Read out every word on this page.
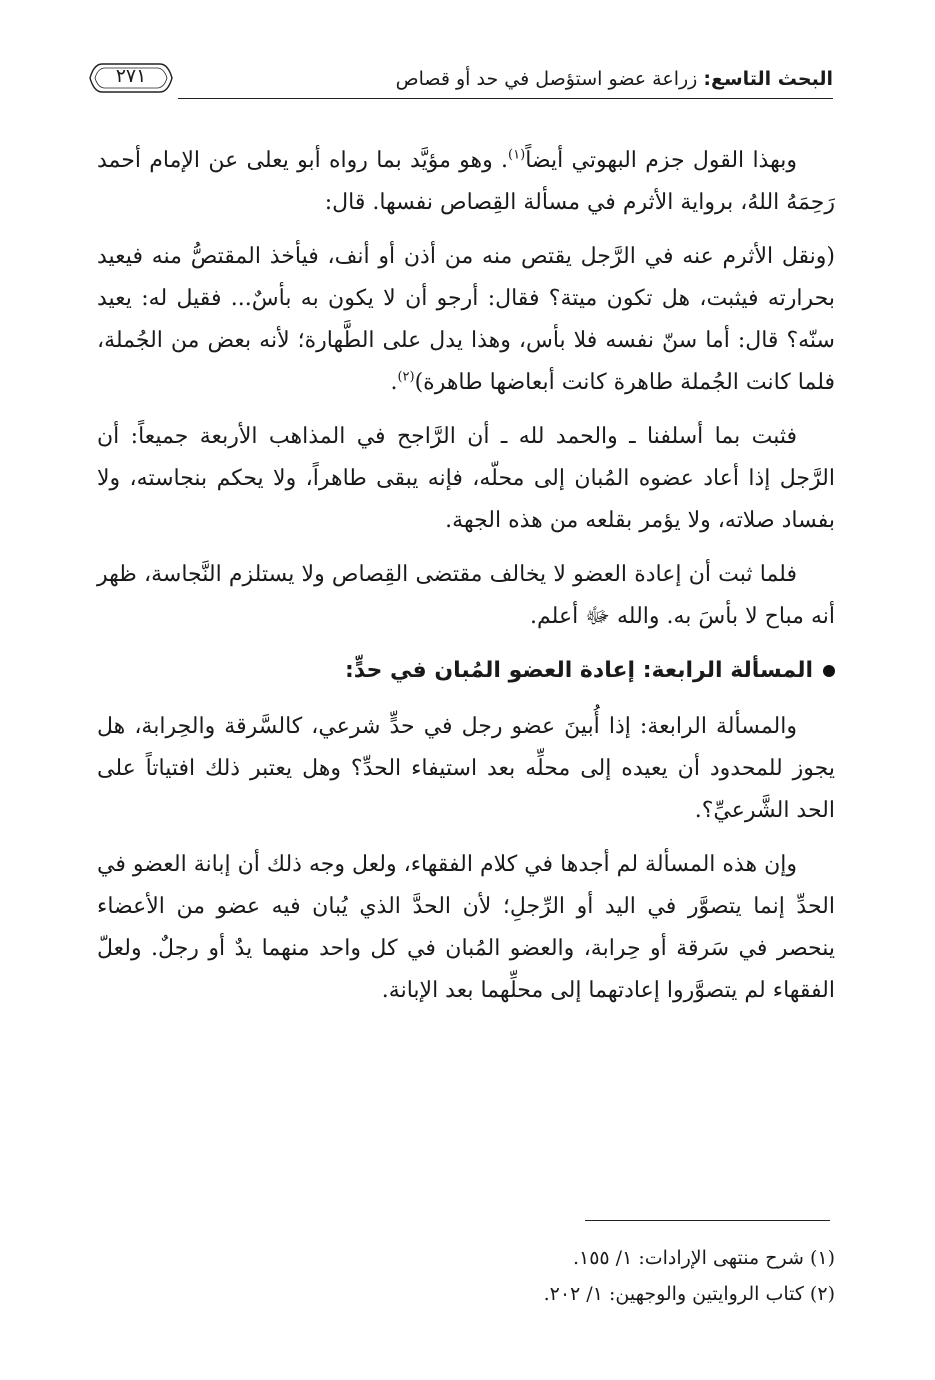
البحث التاسع: زراعة عضو استؤصل في حد أو قصاص
٢٧١

وبهذا القول جزم البهوتي أيضاً$^{(١)}$. وهو مؤيَّد بما رواه أبو يعلى عن الإمام أحمد رَحِمَهُ اللهُ، برواية الأثرم في مسألة القِصاص نفسها. قال:

(ونقل الأثرم عنه في الرَّجل يقتص منه من أذن أو أنف، فيأخذ المقتصُّ منه فيعيد بحرارته فيثبت، هل تكون ميتة؟ فقال: أرجو أن لا يكون به بأسٌ... فقيل له: يعيد سنّه؟ قال: أما سنّ نفسه فلا بأس، وهذا يدل على الطَّهارة؛ لأنه بعض من الجُملة، فلما كانت الجُملة طاهرة كانت أبعاضها طاهرة)$^{(٢)}$.

فثبت بما أسلفنا ـ والحمد لله ـ أن الرَّاجح في المذاهب الأربعة جميعاً: أن الرَّجل إذا أعاد عضوه المُبان إلى محلّه، فإنه يبقى طاهراً، ولا يحكم بنجاسته، ولا بفساد صلاته، ولا يؤمر بقلعه من هذه الجهة.

فلما ثبت أن إعادة العضو لا يخالف مقتضى القِصاص ولا يستلزم النَّجاسة، ظهر أنه مباح لا بأسَ به. والله ﷻ أعلم.

المسألة الرابعة: إعادة العضو المُبان في حدٍّ:

والمسألة الرابعة: إذا أُبينَ عضو رجل في حدٍّ شرعي، كالسَّرقة والحِرابة، هل يجوز للمحدود أن يعيده إلى محلِّه بعد استيفاء الحدِّ؟ وهل يعتبر ذلك افتياتاً على الحد الشَّرعيِّ؟.

وإن هذه المسألة لم أجدها في كلام الفقهاء، ولعل وجه ذلك أن إبانة العضو في الحدِّ إنما يتصوَّر في اليد أو الرِّجلِ؛ لأن الحدَّ الذي يُبان فيه عضو من الأعضاء ينحصر في سَرقة أو حِرابة، والعضو المُبان في كل واحد منهما يدٌ أو رجلٌ. ولعلّ الفقهاء لم يتصوَّروا إعادتهما إلى محلِّهما بعد الإبانة.

(١) شرح منتهى الإرادات: ١/ ١٥٥.

(٢) كتاب الروايتين والوجهين: ١/ ٢٠٢.
